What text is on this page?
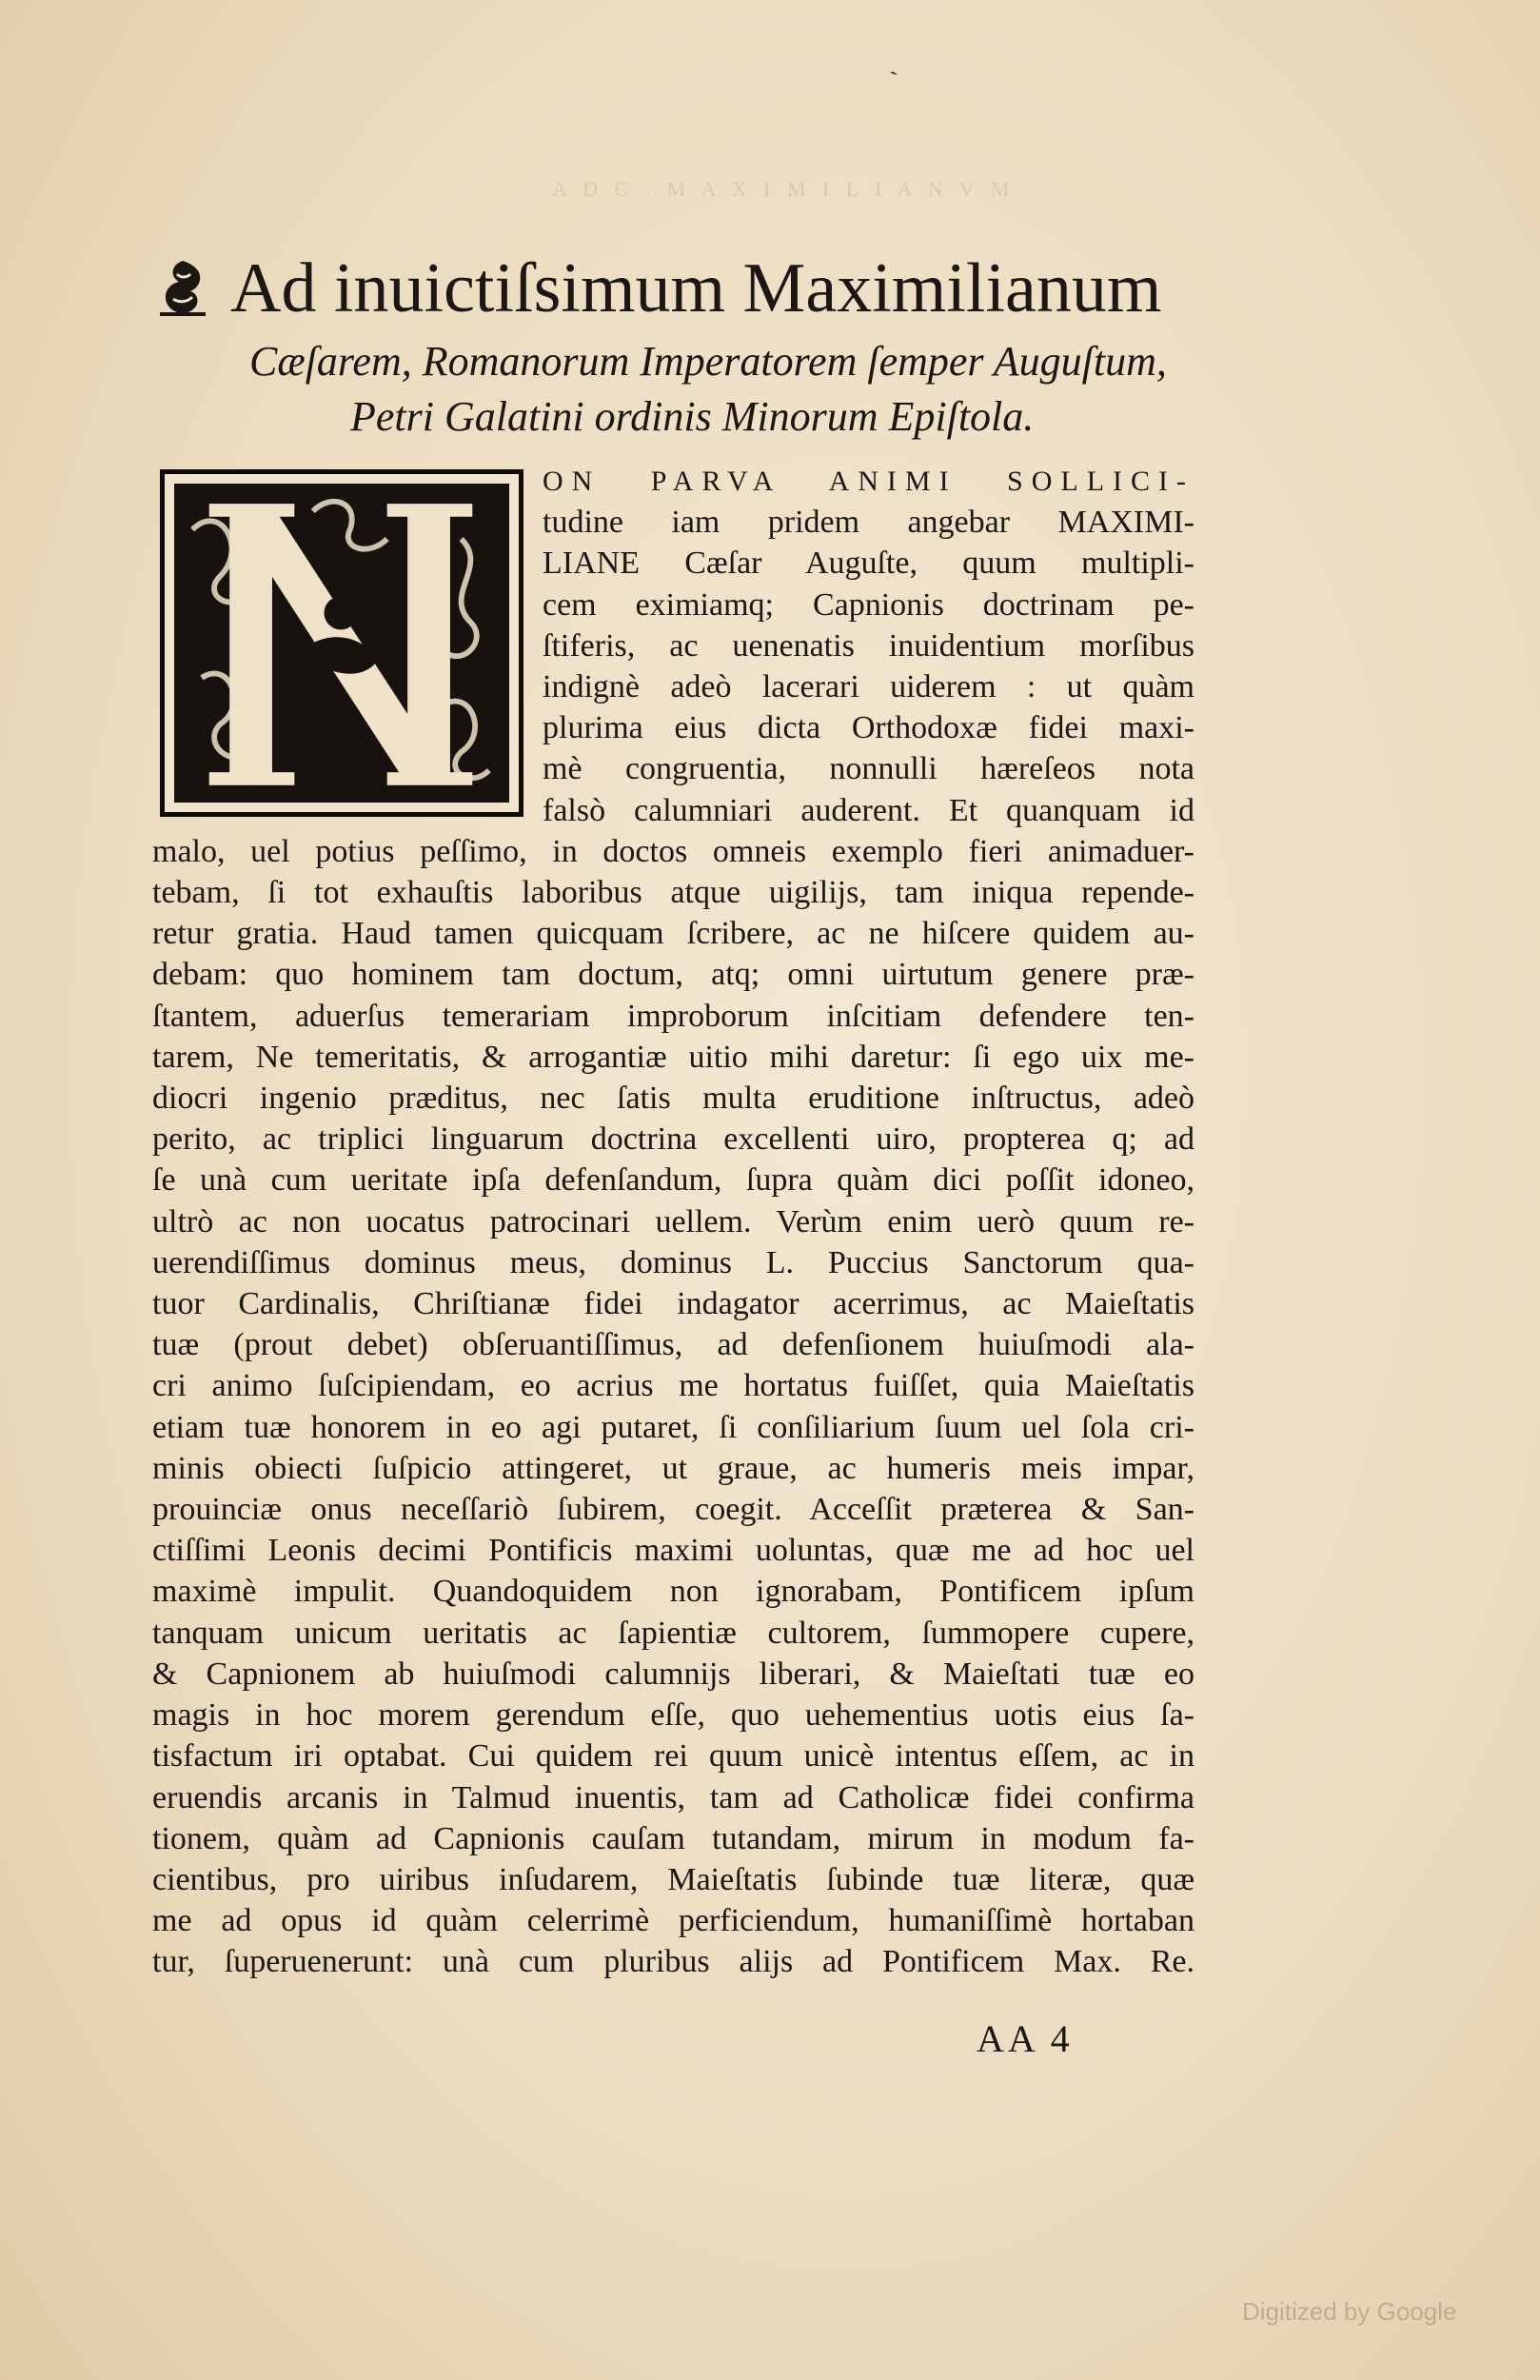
ˏ
A D C . M A X I M I L I A N V M
Ad inuictiſsimum Maximilianum
Cæſarem, Romanorum Imperatorem ſemper Auguſtum,
Petri Galatini ordinis Minorum Epiſtola.
ON PARVA ANIMI SOLLICI-
tudine iam pridem angebar MAXIMI-
LIANE Cæſar Auguſte, quum multipli-
cem eximiamq; Capnionis doctrinam pe-
ſtiferis, ac uenenatis inuidentium morſibus
indignè adeò lacerari uiderem : ut quàm
plurima eius dicta Orthodoxæ fidei maxi-
mè congruentia, nonnulli hæreſeos nota
falsò calumniari auderent. Et quanquam id
malo, uel potius peſſimo, in doctos omneis exemplo fieri animaduer-
tebam, ſi tot exhauſtis laboribus atque uigilijs, tam iniqua repende-
retur gratia. Haud tamen quicquam ſcribere, ac ne hiſcere quidem au-
debam: quo hominem tam doctum, atq; omni uirtutum genere præ-
ſtantem, aduerſus temerariam improborum inſcitiam defendere ten-
tarem, Ne temeritatis, & arrogantiæ uitio mihi daretur: ſi ego uix me-
diocri ingenio præditus, nec ſatis multa eruditione inſtructus, adeò
perito, ac triplici linguarum doctrina excellenti uiro, propterea q; ad
ſe unà cum ueritate ipſa defenſandum, ſupra quàm dici poſſit idoneo,
ultrò ac non uocatus patrocinari uellem. Verùm enim uerò quum re-
uerendiſſimus dominus meus, dominus L. Puccius Sanctorum qua-
tuor Cardinalis, Chriſtianæ fidei indagator acerrimus, ac Maieſtatis
tuæ (prout debet) obſeruantiſſimus, ad defenſionem huiuſmodi ala-
cri animo ſuſcipiendam, eo acrius me hortatus fuiſſet, quia Maieſtatis
etiam tuæ honorem in eo agi putaret, ſi conſiliarium ſuum uel ſola cri-
minis obiecti ſuſpicio attingeret, ut graue, ac humeris meis impar,
prouinciæ onus neceſſariò ſubirem, coegit. Acceſſit præterea & San-
ctiſſimi Leonis decimi Pontificis maximi uoluntas, quæ me ad hoc uel
maximè impulit. Quandoquidem non ignorabam, Pontificem ipſum
tanquam unicum ueritatis ac ſapientiæ cultorem, ſummopere cupere,
& Capnionem ab huiuſmodi calumnijs liberari, & Maieſtati tuæ eo
magis in hoc morem gerendum eſſe, quo uehementius uotis eius ſa-
tisfactum iri optabat. Cui quidem rei quum unicè intentus eſſem, ac in
eruendis arcanis in Talmud inuentis, tam ad Catholicæ fidei confirma
tionem, quàm ad Capnionis cauſam tutandam, mirum in modum fa-
cientibus, pro uiribus inſudarem, Maieſtatis ſubinde tuæ literæ, quæ
me ad opus id quàm celerrimè perficiendum, humaniſſimè hortaban
tur, ſuperuenerunt: unà cum pluribus alijs ad Pontificem Max. Re.
AA 4
Digitized by Google
